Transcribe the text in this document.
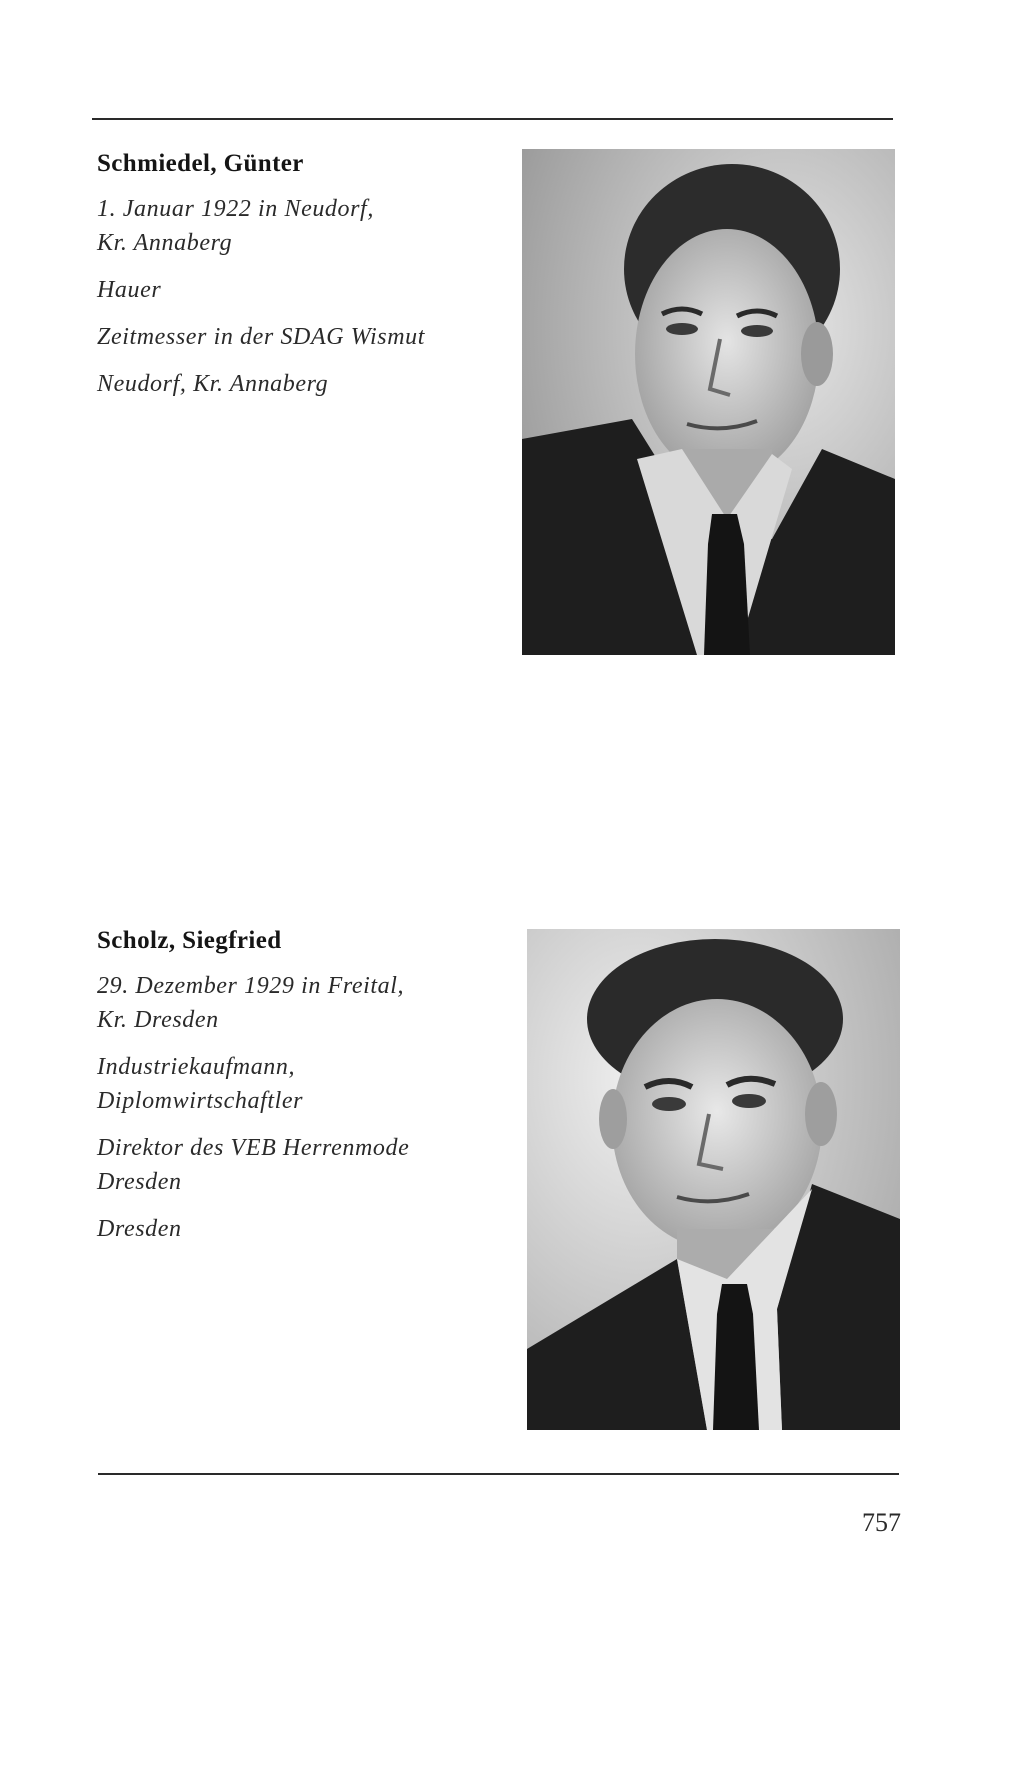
Schmiedel, Günter
1. Januar 1922 in Neudorf,
Kr. Annaberg
Hauer
Zeitmesser in der SDAG Wismut
Neudorf, Kr. Annaberg
Scholz, Siegfried
29. Dezember 1929 in Freital,
Kr. Dresden
Industriekaufmann,
Diplomwirtschaftler
Direktor des VEB Herrenmode
Dresden
Dresden
757
